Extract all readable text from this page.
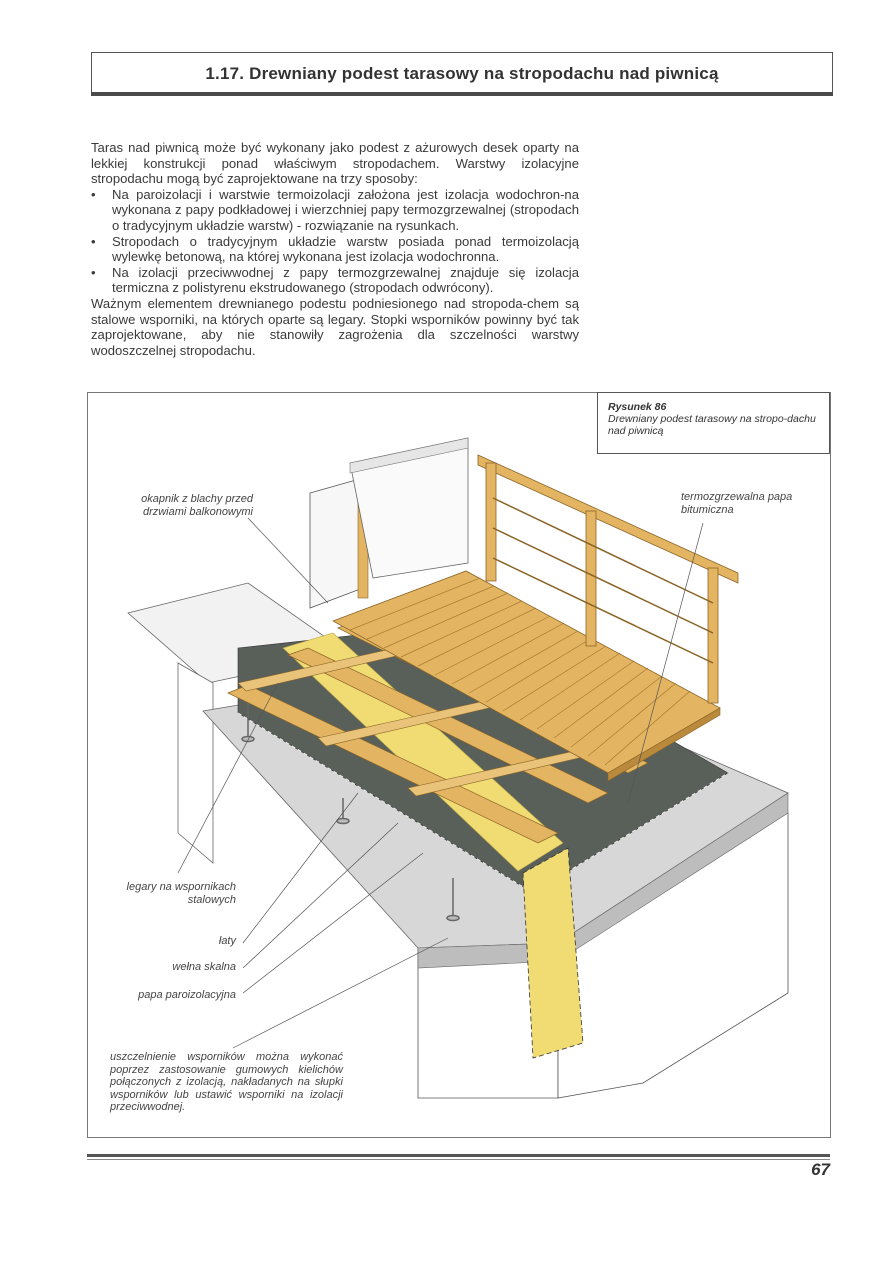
1.17. Drewniany podest tarasowy na stropodachu nad piwnicą

Taras nad piwnicą może być wykonany jako podest z ażurowych desek oparty na lekkiej konstrukcji ponad właściwym stropodachem. Warstwy izolacyjne stropodachu mogą być zaprojektowane na trzy sposoby:

• Na paroizolacji i warstwie termoizolacji założona jest izolacja wodochron-na wykonana z papy podkładowej i wierzchniej papy termozgrzewalnej (stropodach o tradycyjnym układzie warstw) - rozwiązanie na rysunkach.
• Stropodach o tradycyjnym układzie warstw posiada ponad termoizolacją wylewkę betonową, na której wykonana jest izolacja wodochronna.
• Na izolacji przeciwwodnej z papy termozgrzewalnej znajduje się izolacja termiczna z polistyrenu ekstrudowanego (stropodach odwrócony).

Ważnym elementem drewnianego podestu podniesionego nad stropoda-chem są stalowe wsporniki, na których oparte są legary. Stopki wsporników powinny być tak zaprojektowane, aby nie stanowiły zagrożenia dla szczelności warstwy wodoszczelnej stropodachu.

Rysunek 86
Drewniany podest tarasowy na stropo-dachu nad piwnicą
okapnik z blachy przed drzwiami balkonowymi
termozgrzewalna papa bitumiczna
legary na wspornikach stalowych
łaty
wełna skalna
papa paroizolacyjna
uszczelnienie wsporników można wykonać poprzez zastosowanie gumowych kielichów połączonych z izolacją, nakładanych na słupki wsporników lub ustawić wsporniki na izolacji przeciwwodnej.
67
